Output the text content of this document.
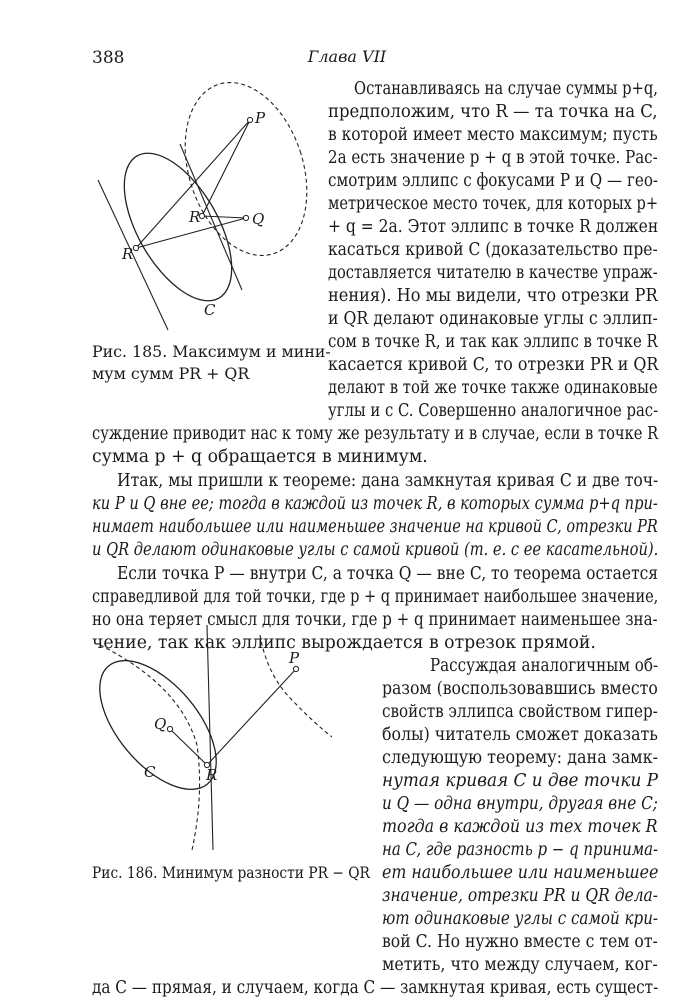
388	Глава VII
P
Q
R
R
C
Рис. 185. Максимум и мини-
мум сумм PR + QR
P
Q
R
C
Рис. 186. Минимум разности PR − QR
Останавливаясь на случае суммы p+q,
предположим, что R — та точка на C,
в которой имеет место максимум; пусть
2a есть значение p + q в этой точке. Рас-
смотрим эллипс с фокусами P и Q — гео-
метрическое место точек, для которых p+
+ q = 2a. Этот эллипс в точке R должен
касаться кривой C (доказательство пре-
доставляется читателю в качестве упраж-
нения). Но мы видели, что отрезки PR
и QR делают одинаковые углы с эллип-
сом в точке R, и так как эллипс в точке R
касается кривой C, то отрезки PR и QR
делают в той же точке также одинаковые
углы и с C. Совершенно аналогичное рас-
суждение приводит нас к тому же результату и в случае, если в точке R
сумма p + q обращается в минимум.
Итак, мы пришли к теореме: дана замкнутая кривая C и две точ-
ки P и Q вне ее; тогда в каждой из точек R, в которых сумма p+q при-
нимает наибольшее или наименьшее значение на кривой C, отрезки PR
и QR делают одинаковые углы с самой кривой (т. е. с ее касательной).
Если точка P — внутри C, а точка Q — вне C, то теорема остается
справедливой для той точки, где p + q принимает наибольшее значение,
но она теряет смысл для точки, где p + q принимает наименьшее зна-
чение, так как эллипс вырождается в отрезок прямой.
Рассуждая аналогичным об-
разом (воспользовавшись вместо
свойств эллипса свойством гипер-
болы) читатель сможет доказать
следующую теорему: дана замк-
нутая кривая C и две точки P
и Q — одна внутри, другая вне C;
тогда в каждой из тех точек R
на C, где разность p − q принима-
ет наибольшее или наименьшее
значение, отрезки PR и QR дела-
ют одинаковые углы с самой кри-
вой C. Но нужно вместе с тем от-
метить, что между случаем, ког-
да C — прямая, и случаем, когда C — замкнутая кривая, есть сущест-
